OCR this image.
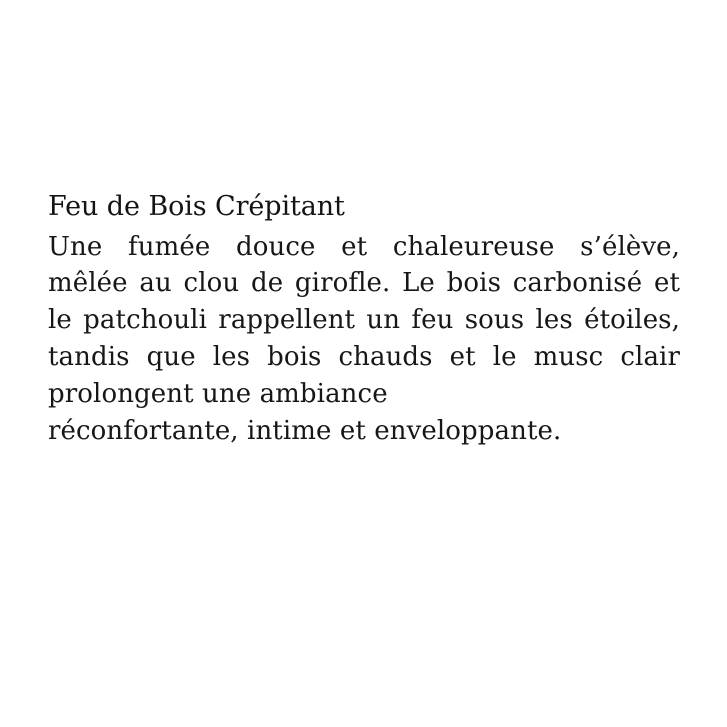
Feu de Bois Crépitant

Une fumée douce et chaleureuse s’élève, mêlée au clou de girofle. Le bois carbonisé et le patchouli rappellent un feu sous les étoiles, tandis que les bois chauds et le musc clair prolongent une ambiance
réconfortante, intime et enveloppante.
